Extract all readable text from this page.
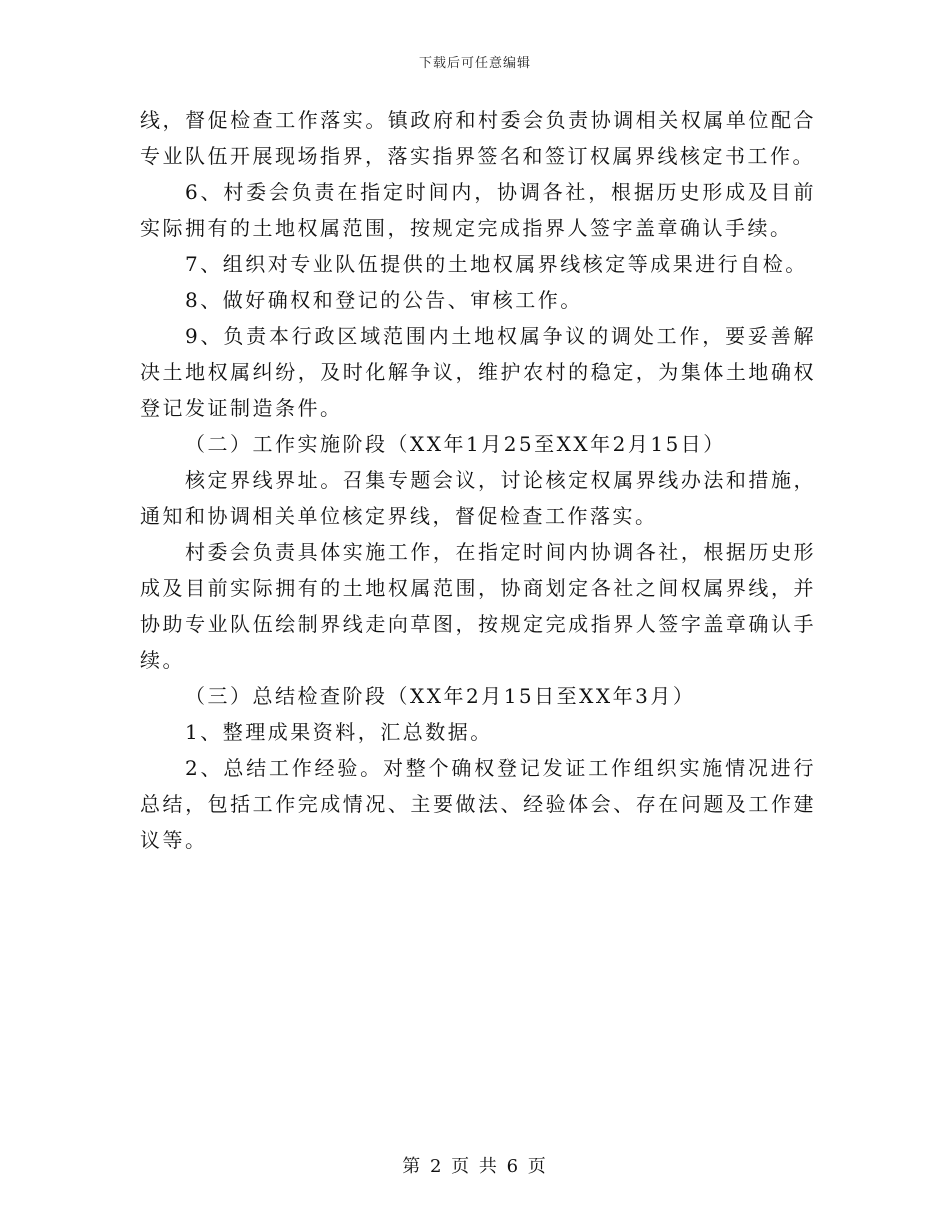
下载后可任意编辑

线，督促检查工作落实。镇政府和村委会负责协调相关权属单位配合专业队伍开展现场指界，落实指界签名和签订权属界线核定书工作。

6、村委会负责在指定时间内，协调各社，根据历史形成及目前实际拥有的土地权属范围，按规定完成指界人签字盖章确认手续。

7、组织对专业队伍提供的土地权属界线核定等成果进行自检。

8、做好确权和登记的公告、审核工作。

9、负责本行政区域范围内土地权属争议的调处工作，要妥善解决土地权属纠纷，及时化解争议，维护农村的稳定，为集体土地确权登记发证制造条件。

（二）工作实施阶段（XX年1月25至XX年2月15日）

核定界线界址。召集专题会议，讨论核定权属界线办法和措施，通知和协调相关单位核定界线，督促检查工作落实。

村委会负责具体实施工作，在指定时间内协调各社，根据历史形成及目前实际拥有的土地权属范围，协商划定各社之间权属界线，并协助专业队伍绘制界线走向草图，按规定完成指界人签字盖章确认手续。

（三）总结检查阶段（XX年2月15日至XX年3月）

1、整理成果资料，汇总数据。

2、总结工作经验。对整个确权登记发证工作组织实施情况进行总结，包括工作完成情况、主要做法、经验体会、存在问题及工作建议等。

第 2 页 共 6 页
